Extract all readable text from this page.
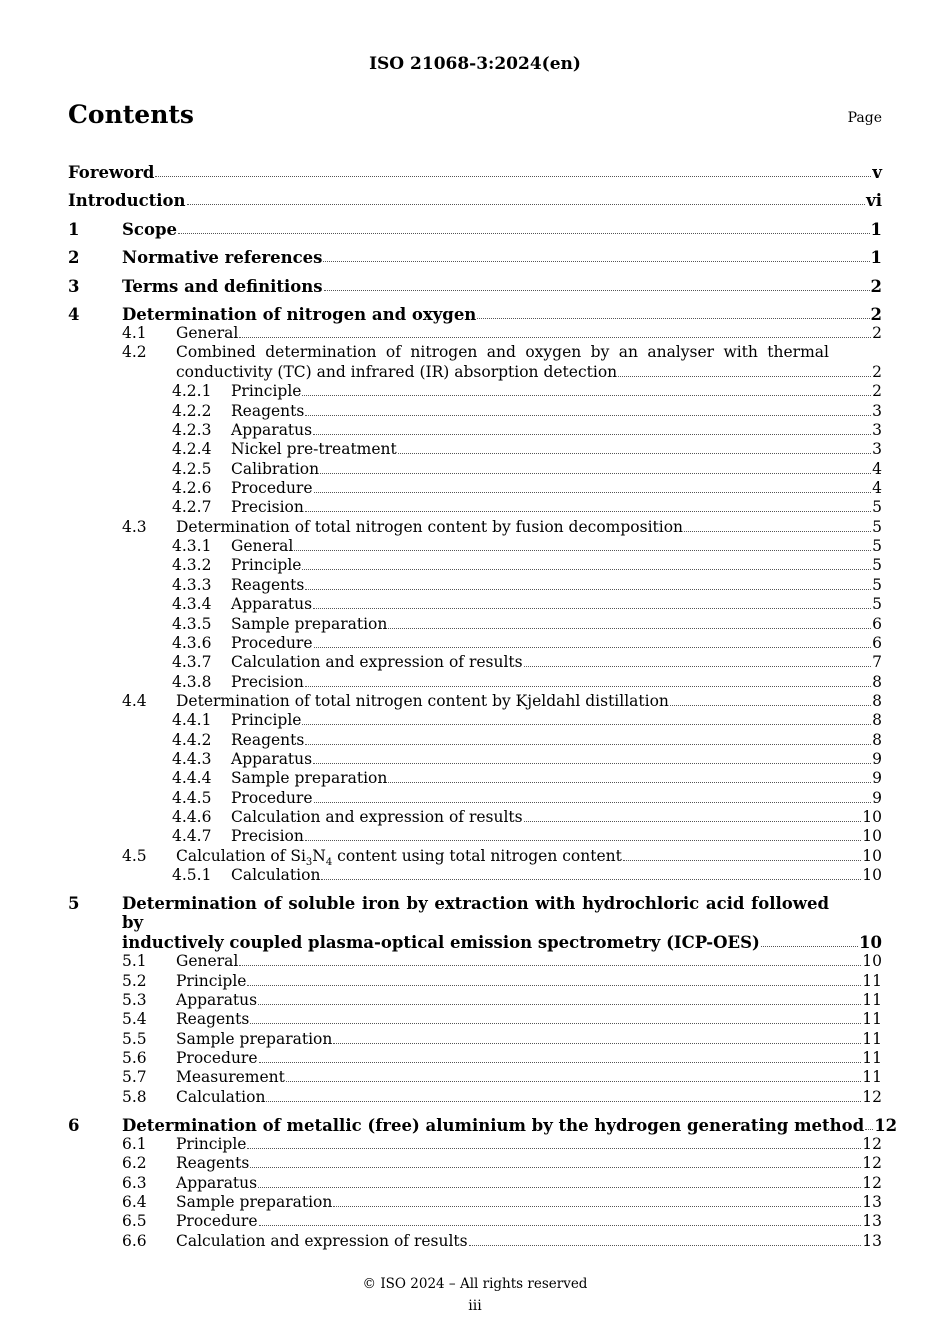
ISO 21068-3:2024(en)
Contents	Page
Foreword	v
Introduction	vi
1	Scope	1
2	Normative references	1
3	Terms and definitions	2
4	Determination of nitrogen and oxygen	2
4.1	General	2
4.2	Combined determination of nitrogen and oxygen by an analyser with thermal
conductivity (TC) and infrared (IR) absorption detection	2
4.2.1	Principle	2
4.2.2	Reagents	3
4.2.3	Apparatus	3
4.2.4	Nickel pre-treatment	3
4.2.5	Calibration	4
4.2.6	Procedure	4
4.2.7	Precision	5
4.3	Determination of total nitrogen content by fusion decomposition	5
4.3.1	General	5
4.3.2	Principle	5
4.3.3	Reagents	5
4.3.4	Apparatus	5
4.3.5	Sample preparation	6
4.3.6	Procedure	6
4.3.7	Calculation and expression of results	7
4.3.8	Precision	8
4.4	Determination of total nitrogen content by Kjeldahl distillation	8
4.4.1	Principle	8
4.4.2	Reagents	8
4.4.3	Apparatus	9
4.4.4	Sample preparation	9
4.4.5	Procedure	9
4.4.6	Calculation and expression of results	10
4.4.7	Precision	10
4.5	Calculation of $Si_3N_4$ content using total nitrogen content	10
4.5.1	Calculation	10
5	Determination of soluble iron by extraction with hydrochloric acid followed by
inductively coupled plasma-optical emission spectrometry (ICP-OES)	10
5.1	General	10
5.2	Principle	11
5.3	Apparatus	11
5.4	Reagents	11
5.5	Sample preparation	11
5.6	Procedure	11
5.7	Measurement	11
5.8	Calculation	12
6	Determination of metallic (free) aluminium by the hydrogen generating method 12
6.1	Principle	12
6.2	Reagents	12
6.3	Apparatus	12
6.4	Sample preparation	13
6.5	Procedure	13
6.6	Calculation and expression of results	13
© ISO 2024 – All rights reserved
iii
